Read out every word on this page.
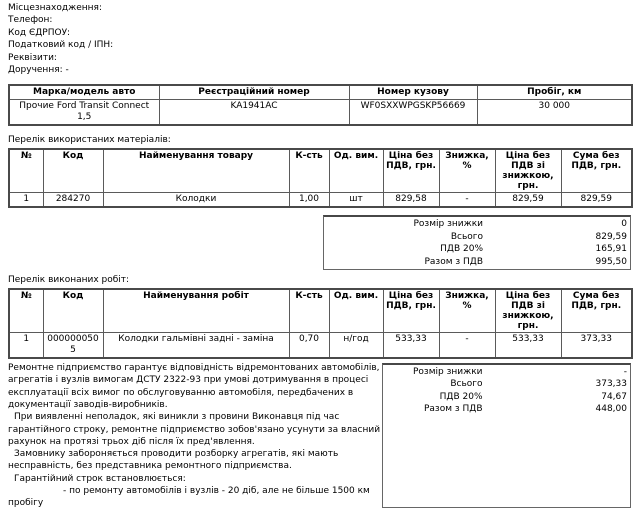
Місцезнаходження:
Телефон:
Код ЄДРПОУ:
Податковий код / ІПН:
Реквізити:
Доручення: -
Марка/модель авто	Реєстраційний номер	Номер кузову	Пробіг, км
Прочие Ford Transit Connect 1,5	KA1941AC	WF0SXXWPGSKP56669	30 000
Перелік використаних матеріалів:
№	Код	Найменування товару	К-сть	Од. вим.	Ціна без ПДВ, грн.	Знижка, %	Ціна без ПДВ зі знижкою, грн.	Сума без ПДВ, грн.
1	284270	Колодки	1,00	шт	829,58	-	829,59	829,59
Розмір знижки	0
Всього	829,59
ПДВ 20%	165,91
Разом з ПДВ	995,50
Перелік виконаних робіт:
№	Код	Найменування робіт	К-сть	Од. вим.	Ціна без ПДВ, грн.	Знижка, %	Ціна без ПДВ зі знижкою, грн.	Сума без ПДВ, грн.
1	0000000505	Колодки гальмівні задні - заміна	0,70	н/год	533,33	-	533,33	373,33

Ремонтне підприємство гарантує відповідність відремонтованих автомобілів, агрегатів і вузлів вимогам ДСТУ 2322-93 при умові дотримування в процесі експлуатації всіх вимог по обслуговуванню автомобіля, передбачених в документації заводів-виробників.

При виявленні неполадок, які виникли з провини Виконавця під час гарантійного строку, ремонтне підприємство зобов'язано усунути за власний рахунок на протязі трьох діб після їх пред'явлення.

Замовнику забороняється проводити розборку агрегатів, які мають несправність, без представника ремонтного підприємства.

Гарантійний строк встановлюється:

- по ремонту автомобілів і вузлів - 20 діб, але не більше 1500 км пробігу

Розмір знижки	-
Всього	373,33
ПДВ 20%	74,67
Разом з ПДВ	448,00
